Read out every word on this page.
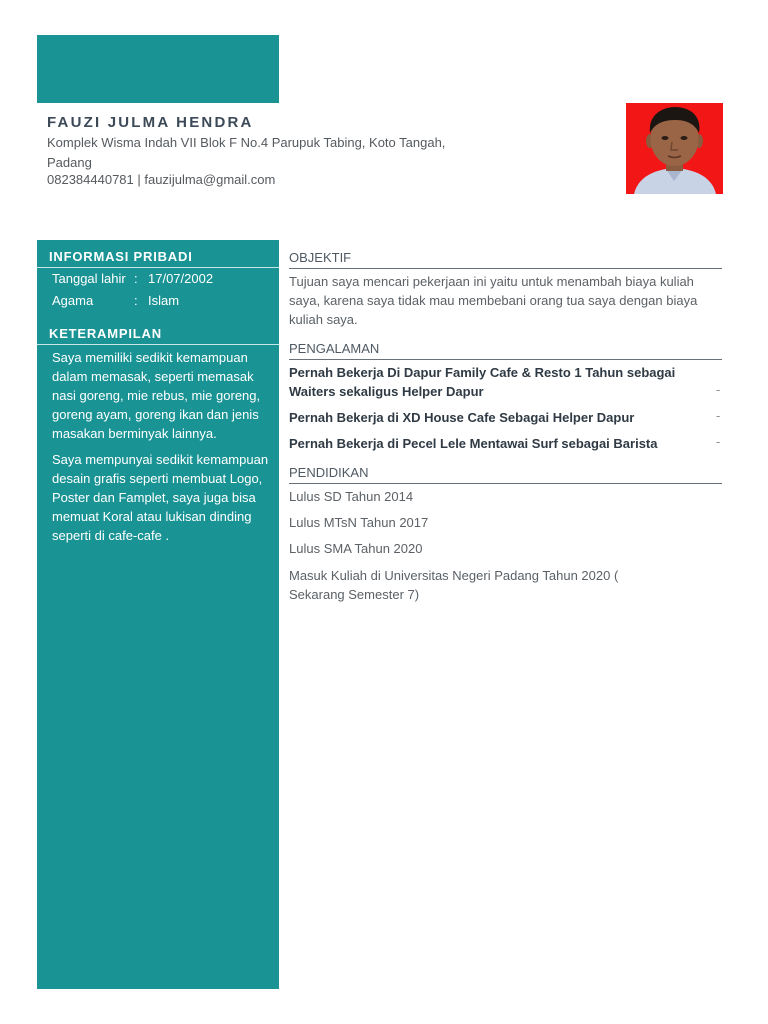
FAUZI JULMA HENDRA
Komplek Wisma Indah VII Blok F No.4 Parupuk Tabing, Koto Tangah, Padang
082384440781 | fauzijulma@gmail.com
INFORMASI PRIBADI
Tanggal lahir : 17/07/2002
Agama	: Islam
KETERAMPILAN
Saya memiliki sedikit kemampuan dalam memasak, seperti memasak nasi goreng, mie rebus, mie goreng, goreng ayam, goreng ikan dan jenis masakan berminyak lainnya.
Saya mempunyai sedikit kemampuan desain grafis seperti membuat Logo, Poster dan Famplet, saya juga bisa memuat Koral atau lukisan dinding seperti di cafe-cafe .
OBJEKTIF
Tujuan saya mencari pekerjaan ini yaitu untuk menambah biaya kuliah saya, karena saya tidak mau membebani orang tua saya dengan biaya kuliah saya.
PENGALAMAN
Pernah Bekerja Di Dapur Family Cafe & Resto 1 Tahun sebagai Waiters sekaligus Helper Dapur	-
Pernah Bekerja di XD House Cafe Sebagai Helper Dapur	-
Pernah Bekerja di Pecel Lele Mentawai Surf sebagai Barista	-
PENDIDIKAN
Lulus SD Tahun 2014
Lulus MTsN Tahun 2017
Lulus SMA Tahun 2020
Masuk Kuliah di Universitas Negeri Padang Tahun 2020 ( Sekarang Semester 7)
